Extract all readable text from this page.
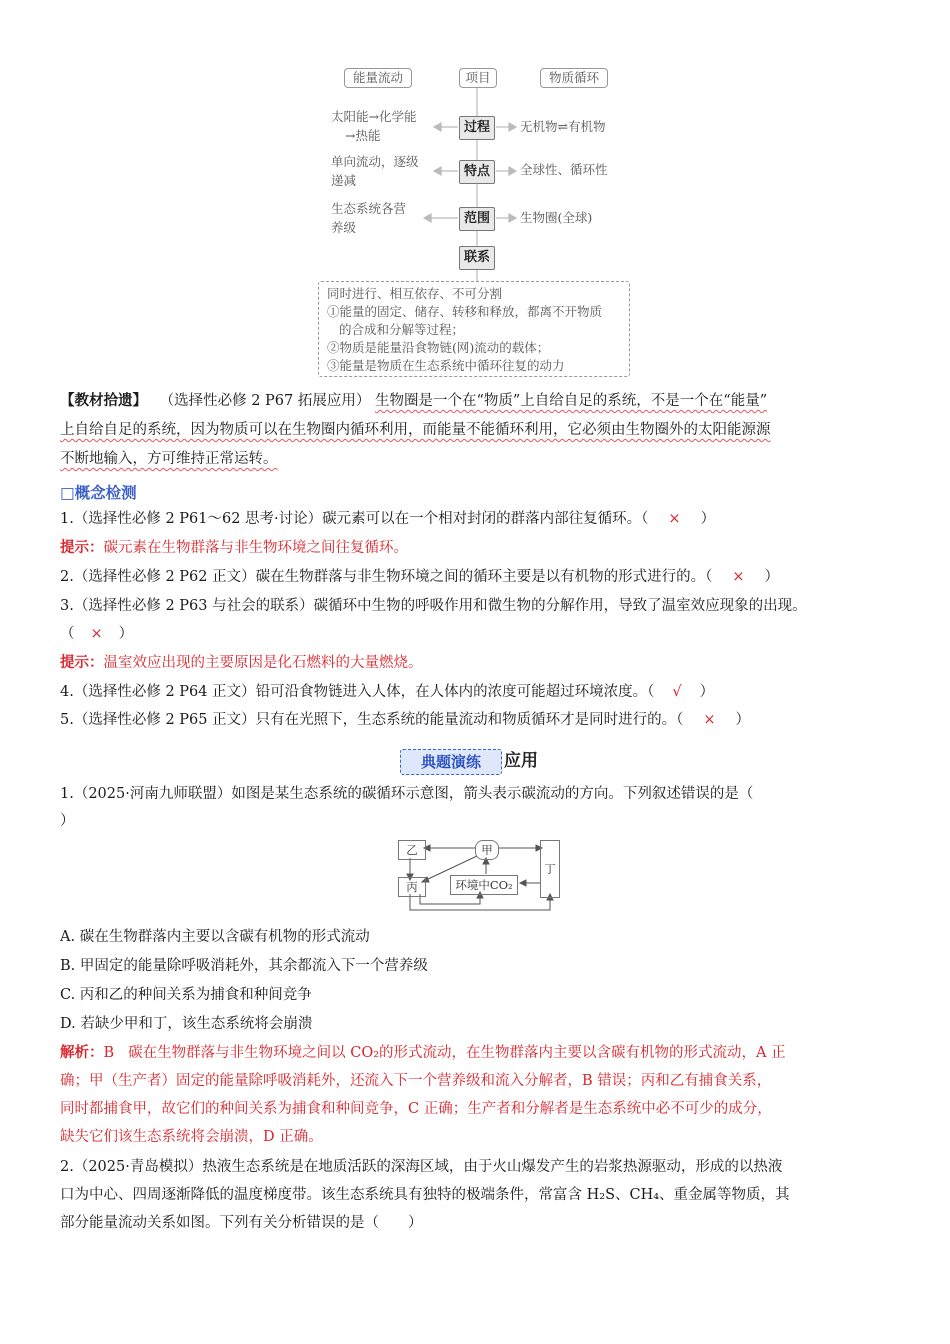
能量流动	项目	物质循环
过程
特点
范围
联系
太阳能→化学能
→热能
单向流动，逐级
递减
生态系统各营
养级
无机物⇌有机物
全球性、循环性
生物圈(全球)
同时进行、相互依存、不可分割
①能量的固定、储存、转移和释放，都离不开物质
的合成和分解等过程；
②物质是能量沿食物链(网)流动的载体；
③能量是物质在生态系统中循环往复的动力
【教材拾遗】 （选择性必修 2 P67 拓展应用） 生物圈是一个在“物质”上自给自足的系统，不是一个在“能量”
上自给自足的系统，因为物质可以在生物圈内循环利用，而能量不能循环利用，它必须由生物圈外的太阳能源源
不断地输入，方可维持正常运转。
□概念检测
1.（选择性必修 2 P61～62 思考·讨论）碳元素可以在一个相对封闭的群落内部往复循环。（ × ）
提示：碳元素在生物群落与非生物环境之间往复循环。
2.（选择性必修 2 P62 正文）碳在生物群落与非生物环境之间的循环主要是以有机物的形式进行的。（ × ）
3.（选择性必修 2 P63 与社会的联系）碳循环中生物的呼吸作用和微生物的分解作用，导致了温室效应现象的出现。
（ × ）
提示：温室效应出现的主要原因是化石燃料的大量燃烧。
4.（选择性必修 2 P64 正文）铅可沿食物链进入人体，在人体内的浓度可能超过环境浓度。（ √ ）
5.（选择性必修 2 P65 正文）只有在光照下，生态系统的能量流动和物质循环才是同时进行的。（ × ）
典题演练	应用
1.（2025·河南九师联盟）如图是某生态系统的碳循环示意图，箭头表示碳流动的方向。下列叙述错误的是（
）
乙	甲
丙	环境中CO₂
丁
A. 碳在生物群落内主要以含碳有机物的形式流动
B. 甲固定的能量除呼吸消耗外，其余都流入下一个营养级
C. 丙和乙的种间关系为捕食和种间竞争
D. 若缺少甲和丁，该生态系统将会崩溃
解析：B 碳在生物群落与非生物环境之间以 CO₂的形式流动，在生物群落内主要以含碳有机物的形式流动，A 正
确；甲（生产者）固定的能量除呼吸消耗外，还流入下一个营养级和流入分解者，B 错误；丙和乙有捕食关系，
同时都捕食甲，故它们的种间关系为捕食和种间竞争，C 正确；生产者和分解者是生态系统中必不可少的成分，
缺失它们该生态系统将会崩溃，D 正确。
2.（2025·青岛模拟）热液生态系统是在地质活跃的深海区域，由于火山爆发产生的岩浆热源驱动，形成的以热液
口为中心、四周逐渐降低的温度梯度带。该生态系统具有独特的极端条件，常富含 H₂S、CH₄、重金属等物质，其
部分能量流动关系如图。下列有关分析错误的是（　　）
